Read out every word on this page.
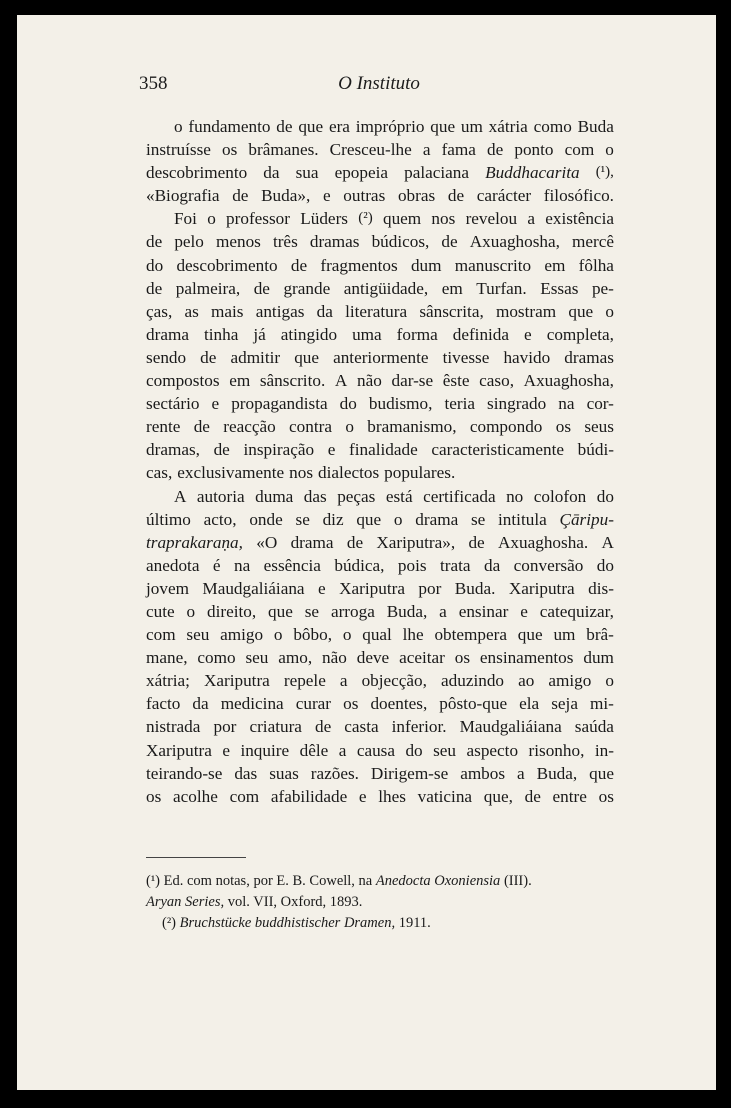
358	O Instituto
o fundamento de que era impróprio que um xátria como Buda
instruísse os brâmanes. Cresceu-lhe a fama de ponto com o
descobrimento da sua epopeia palaciana Buddhacarita (¹),
«Biografia de Buda», e outras obras de carácter filosófico.
Foi o professor Lüders (²) quem nos revelou a existência
de pelo menos três dramas búdicos, de Axuaghosha, mercê
do descobrimento de fragmentos dum manuscrito em fôlha
de palmeira, de grande antigüidade, em Turfan. Essas pe-
ças, as mais antigas da literatura sânscrita, mostram que o
drama tinha já atingido uma forma definida e completa,
sendo de admitir que anteriormente tivesse havido dramas
compostos em sânscrito. A não dar-se êste caso, Axuaghosha,
sectário e propagandista do budismo, teria singrado na cor-
rente de reacção contra o bramanismo, compondo os seus
dramas, de inspiração e finalidade caracteristicamente búdi-
cas, exclusivamente nos dialectos populares.
A autoria duma das peças está certificada no colofon do
último acto, onde se diz que o drama se intitula Çāripu-
traprakaraṇa, «O drama de Xariputra», de Axuaghosha. A
anedota é na essência búdica, pois trata da conversão do
jovem Maudgaliáiana e Xariputra por Buda. Xariputra dis-
cute o direito, que se arroga Buda, a ensinar e catequizar,
com seu amigo o bôbo, o qual lhe obtempera que um brâ-
mane, como seu amo, não deve aceitar os ensinamentos dum
xátria; Xariputra repele a objecção, aduzindo ao amigo o
facto da medicina curar os doentes, pôsto-que ela seja mi-
nistrada por criatura de casta inferior. Maudgaliáiana saúda
Xariputra e inquire dêle a causa do seu aspecto risonho, in-
teirando-se das suas razões. Dirigem-se ambos a Buda, que
os acolhe com afabilidade e lhes vaticina que, de entre os
(¹) Ed. com notas, por E. B. Cowell, na Anedocta Oxoniensia (III).
Aryan Series, vol. VII, Oxford, 1893.
(²) Bruchstücke buddhistischer Dramen, 1911.
